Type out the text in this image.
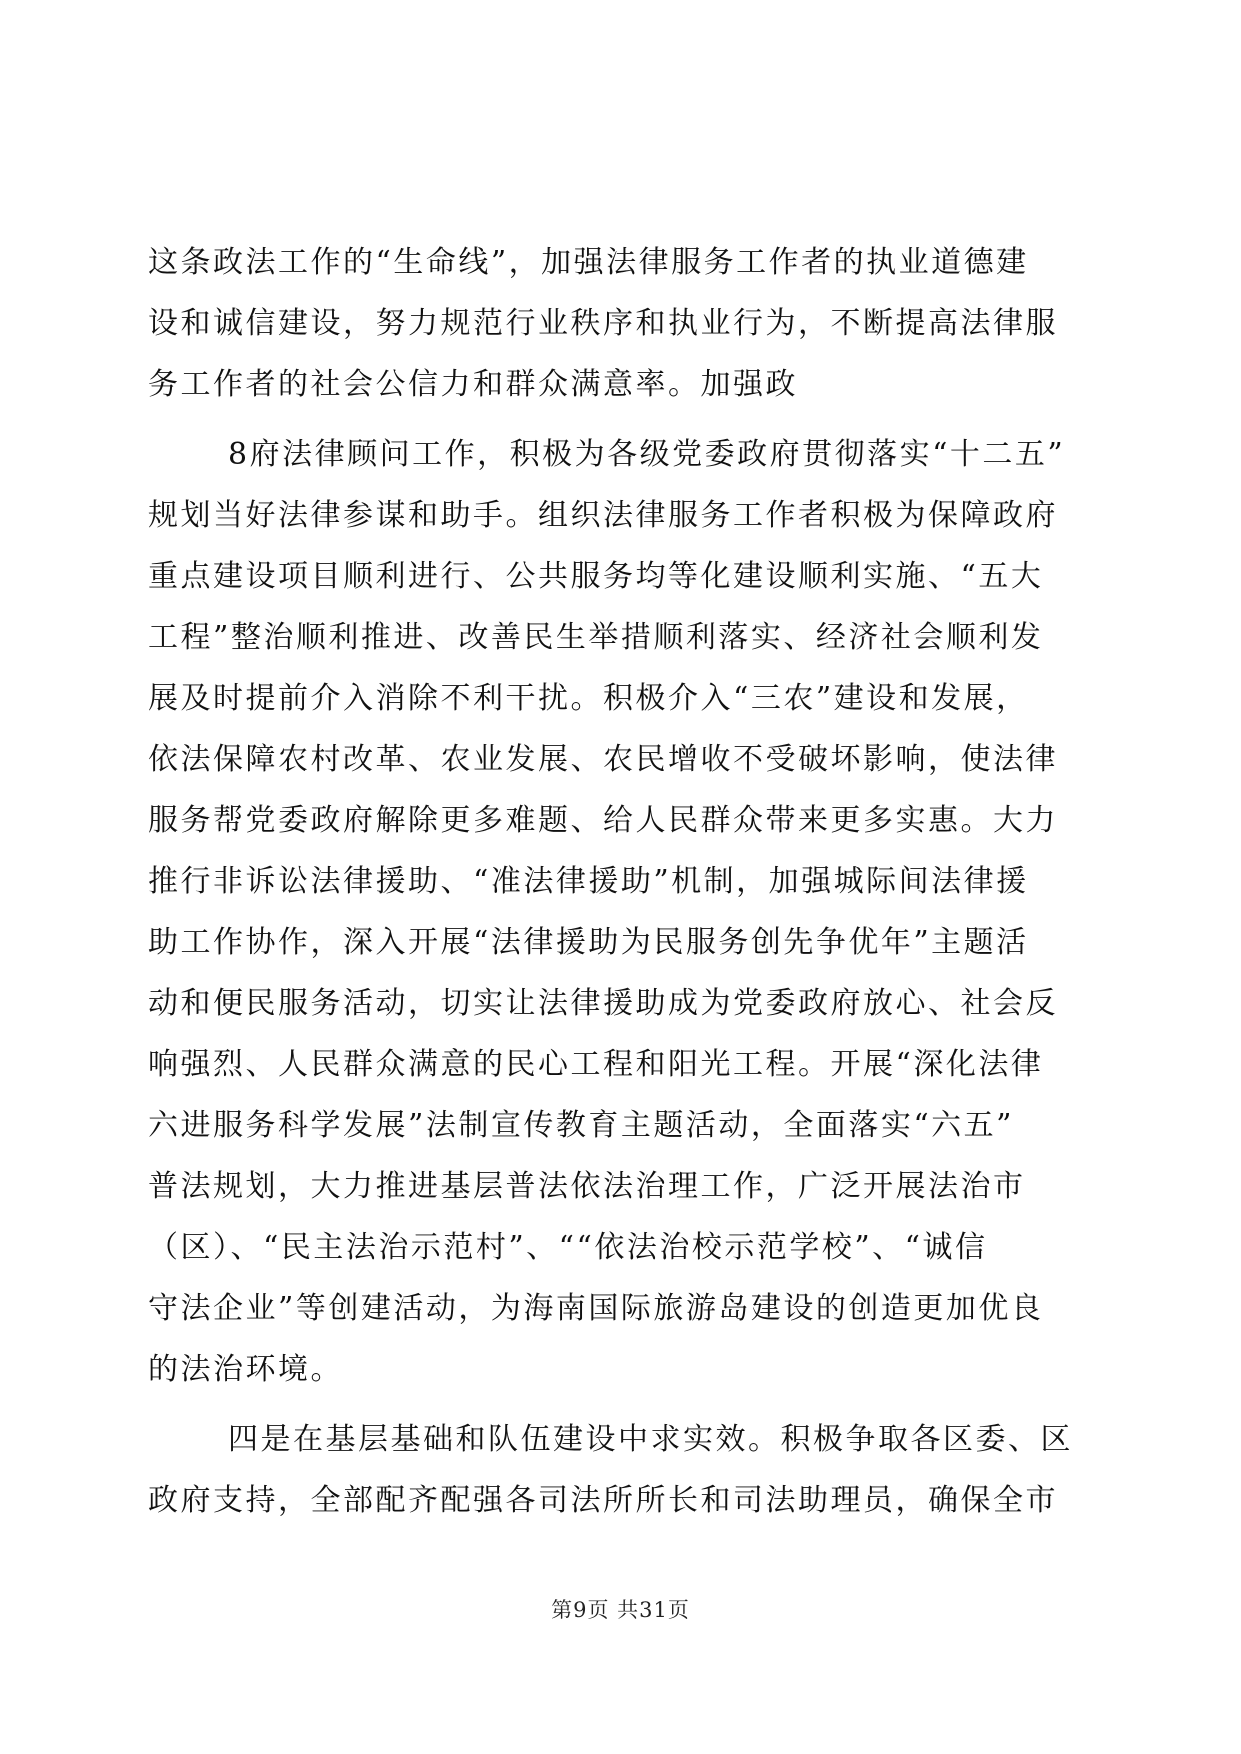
这条政法工作的“生命线”，加强法律服务工作者的执业道德建
设和诚信建设，努力规范行业秩序和执业行为，不断提高法律服
务工作者的社会公信力和群众满意率。加强政
8府法律顾问工作，积极为各级党委政府贯彻落实“十二五”
规划当好法律参谋和助手。组织法律服务工作者积极为保障政府
重点建设项目顺利进行、公共服务均等化建设顺利实施、“五大
工程”整治顺利推进、改善民生举措顺利落实、经济社会顺利发
展及时提前介入消除不利干扰。积极介入“三农”建设和发展，
依法保障农村改革、农业发展、农民增收不受破坏影响，使法律
服务帮党委政府解除更多难题、给人民群众带来更多实惠。大力
推行非诉讼法律援助、“准法律援助”机制，加强城际间法律援
助工作协作，深入开展“法律援助为民服务创先争优年”主题活
动和便民服务活动，切实让法律援助成为党委政府放心、社会反
响强烈、人民群众满意的民心工程和阳光工程。开展“深化法律
六进服务科学发展”法制宣传教育主题活动，全面落实“六五”
普法规划，大力推进基层普法依法治理工作，广泛开展法治市
（区）、“民主法治示范村”、““依法治校示范学校”、“诚信
守法企业”等创建活动，为海南国际旅游岛建设的创造更加优良
的法治环境。
四是在基层基础和队伍建设中求实效。积极争取各区委、区
政府支持，全部配齐配强各司法所所长和司法助理员，确保全市
第9页 共31页
